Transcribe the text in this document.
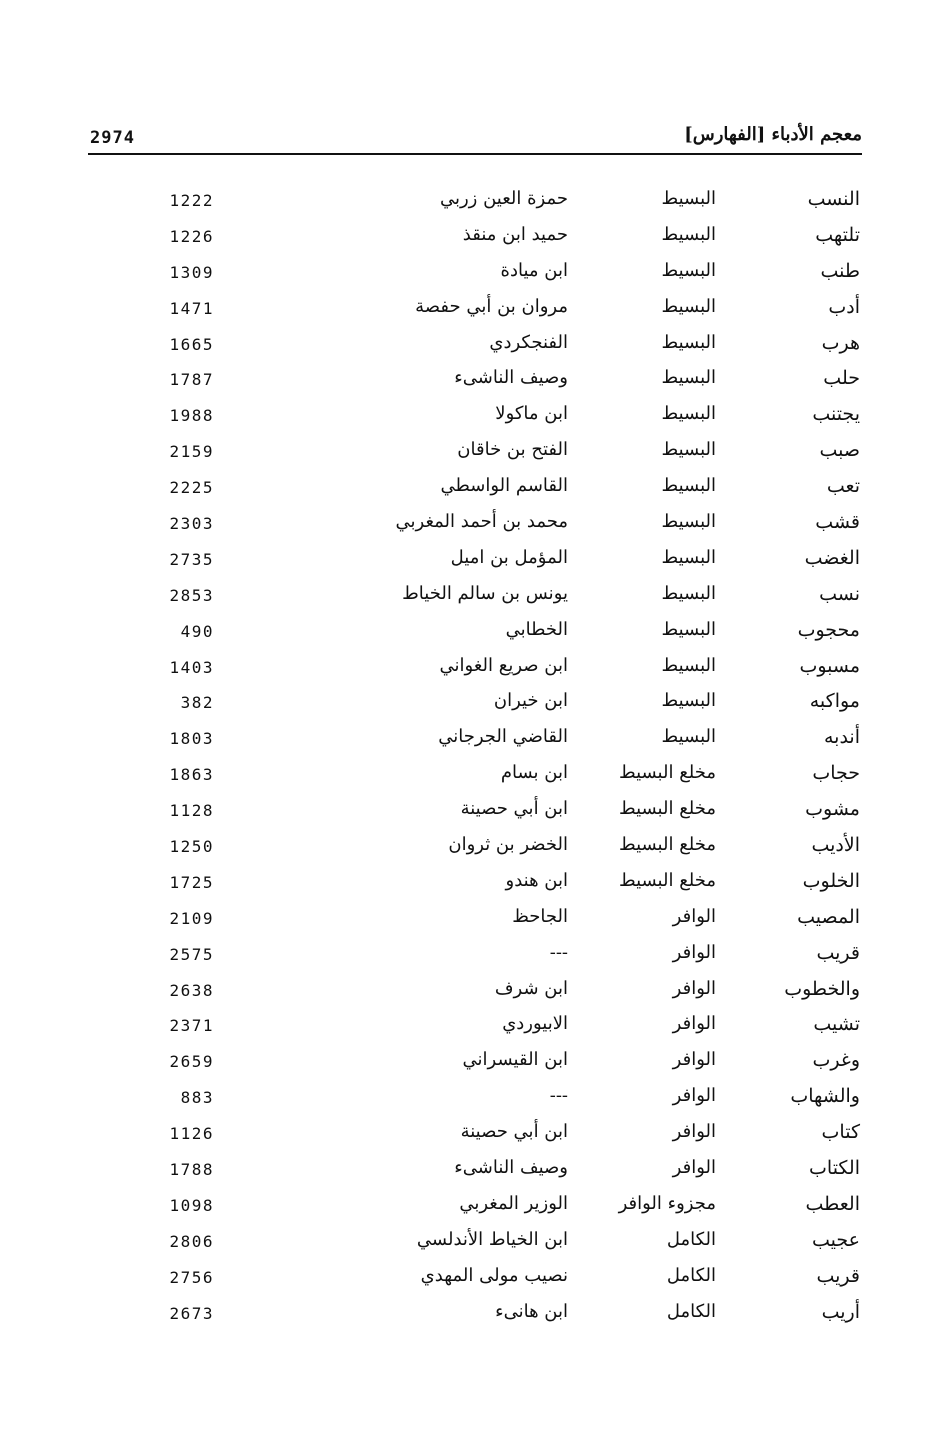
2974	معجم الأدباء [الفهارس]
النسب
البسيط
حمزة العين زربي
1222
تلتهب
البسيط
حميد ابن منقذ
1226
طنب
البسيط
ابن ميادة
1309
أدب
البسيط
مروان بن أبي حفصة
1471
هرب
البسيط
الفنجكردي
1665
حلب
البسيط
وصيف الناشىء
1787
يجتنب
البسيط
ابن ماكولا
1988
صبب
البسيط
الفتح بن خاقان
2159
تعب
البسيط
القاسم الواسطي
2225
قشب
البسيط
محمد بن أحمد المغربي
2303
الغضب
البسيط
المؤمل بن اميل
2735
نسب
البسيط
يونس بن سالم الخياط
2853
محجوب
البسيط
الخطابي
490
مسبوب
البسيط
ابن صريع الغواني
1403
مواكبه
البسيط
ابن خيران
382
أندبه
البسيط
القاضي الجرجاني
1803
حجاب
مخلع البسيط
ابن بسام
1863
مشوب
مخلع البسيط
ابن أبي حصينة
1128
الأديب
مخلع البسيط
الخضر بن ثروان
1250
الخلوب
مخلع البسيط
ابن هندو
1725
المصيب
الوافر
الجاحظ
2109
قريب
الوافر
---
2575
والخطوب
الوافر
ابن شرف
2638
تشيب
الوافر
الابيوردي
2371
وغرب
الوافر
ابن القيسراني
2659
والشهاب
الوافر
---
883
كتاب
الوافر
ابن أبي حصينة
1126
الكتاب
الوافر
وصيف الناشىء
1788
العطب
مجزوء الوافر
الوزير المغربي
1098
عجيب
الكامل
ابن الخياط الأندلسي
2806
قريب
الكامل
نصيب مولى المهدي
2756
أريب
الكامل
ابن هانىء
2673
